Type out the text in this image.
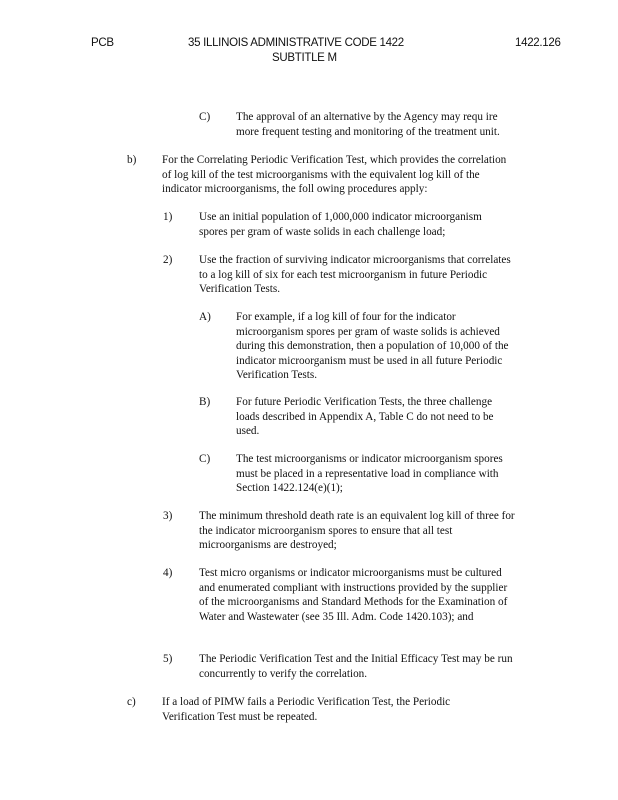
PCB	35 ILLINOIS ADMINISTRATIVE CODE 1422
SUBTITLE M
1422.126
C) The approval of an alternative by the Agency may requ ire more frequent testing and monitoring of the treatment unit.
b) For the Correlating Periodic Verification Test, which provides the correlation of log kill of the test microorganisms with the equivalent log kill of the indicator microorganisms, the foll owing procedures apply:
1) Use an initial population of 1,000,000 indicator microorganism spores per gram of waste solids in each challenge load;
2) Use the fraction of surviving indicator microorganisms that correlates to a log kill of six for each test microorganism in future Periodic Verification Tests.
A) For example, if a log kill of four for the indicator microorganism spores per gram of waste solids is achieved during this demonstration, then a population of 10,000 of the indicator microorganism must be used in all future Periodic Verification Tests.
B) For future Periodic Verification Tests, the three challenge loads described in Appendix A, Table C do not need to be used.
C) The test microorganisms or indicator microorganism spores must be placed in a representative load in compliance with Section 1422.124(e)(1);
3) The minimum threshold death rate is an equivalent log kill of three for the indicator microorganism spores to ensure that all test microorganisms are destroyed;
4) Test micro organisms or indicator microorganisms must be cultured and enumerated compliant with instructions provided by the supplier of the microorganisms and Standard Methods for the Examination of Water and Wastewater (see 35 Ill. Adm. Code 1420.103); and
5) The Periodic Verification Test and the Initial Efficacy Test may be run concurrently to verify the correlation.
c) If a load of PIMW fails a Periodic Verification Test, the Periodic Verification Test must be repeated.
